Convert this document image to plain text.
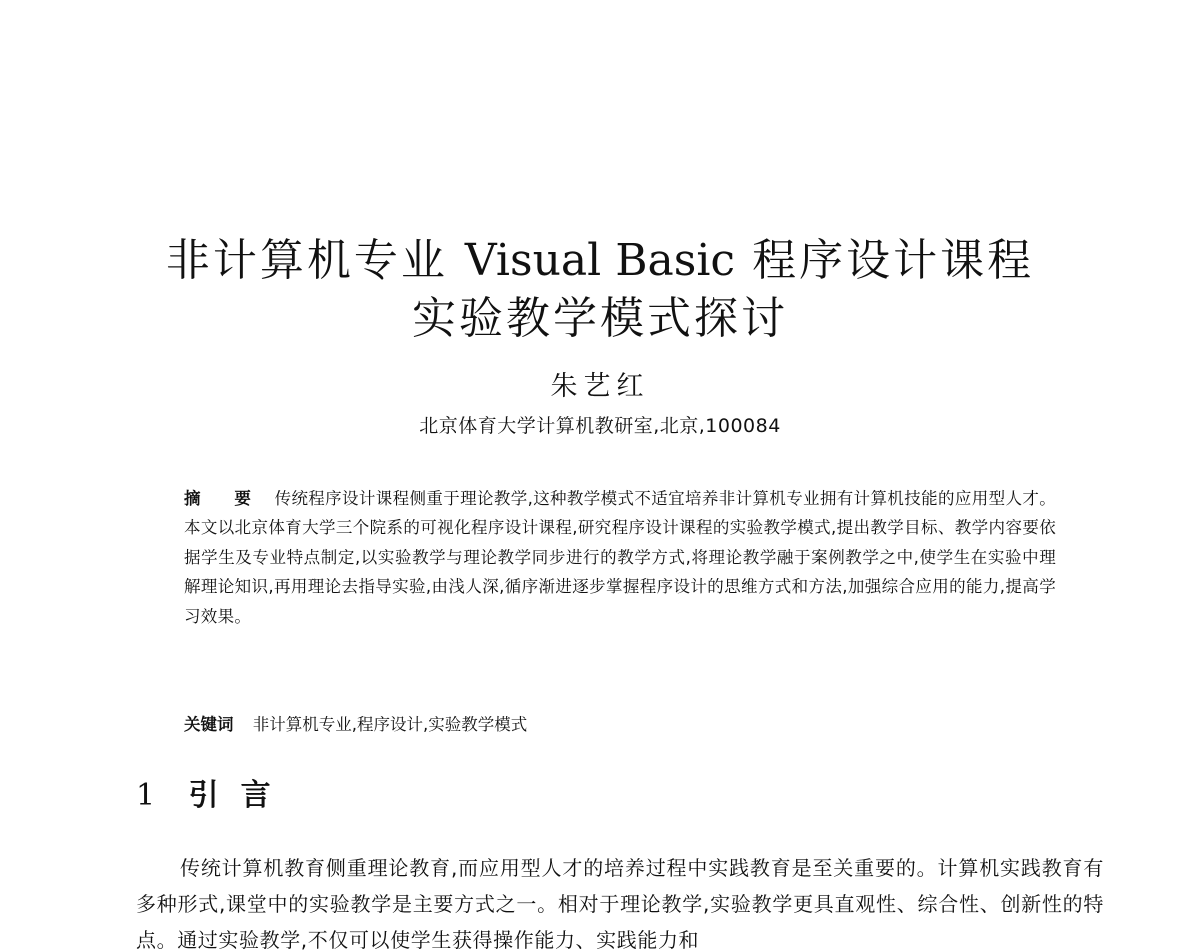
非计算机专业 Visual Basic 程序设计课程
实验教学模式探讨
朱艺红
北京体育大学计算机教研室,北京,100084
摘 要 传统程序设计课程侧重于理论教学,这种教学模式不适宜培养非计算机专业拥有计算机技能的应用型人才。本文以北京体育大学三个院系的可视化程序设计课程,研究程序设计课程的实验教学模式,提出教学目标、教学内容要依据学生及专业特点制定,以实验教学与理论教学同步进行的教学方式,将理论教学融于案例教学之中,使学生在实验中理解理论知识,再用理论去指导实验,由浅人深,循序渐进逐步掌握程序设计的思维方式和方法,加强综合应用的能力,提高学习效果。
关键词 非计算机专业,程序设计,实验教学模式
1 引言
传统计算机教育侧重理论教育,而应用型人才的培养过程中实践教育是至关重要的。计算机实践教育有多种形式,课堂中的实验教学是主要方式之一。相对于理论教学,实验教学更具直观性、综合性、创新性的特点。通过实验教学,不仅可以使学生获得操作能力、实践能力和
